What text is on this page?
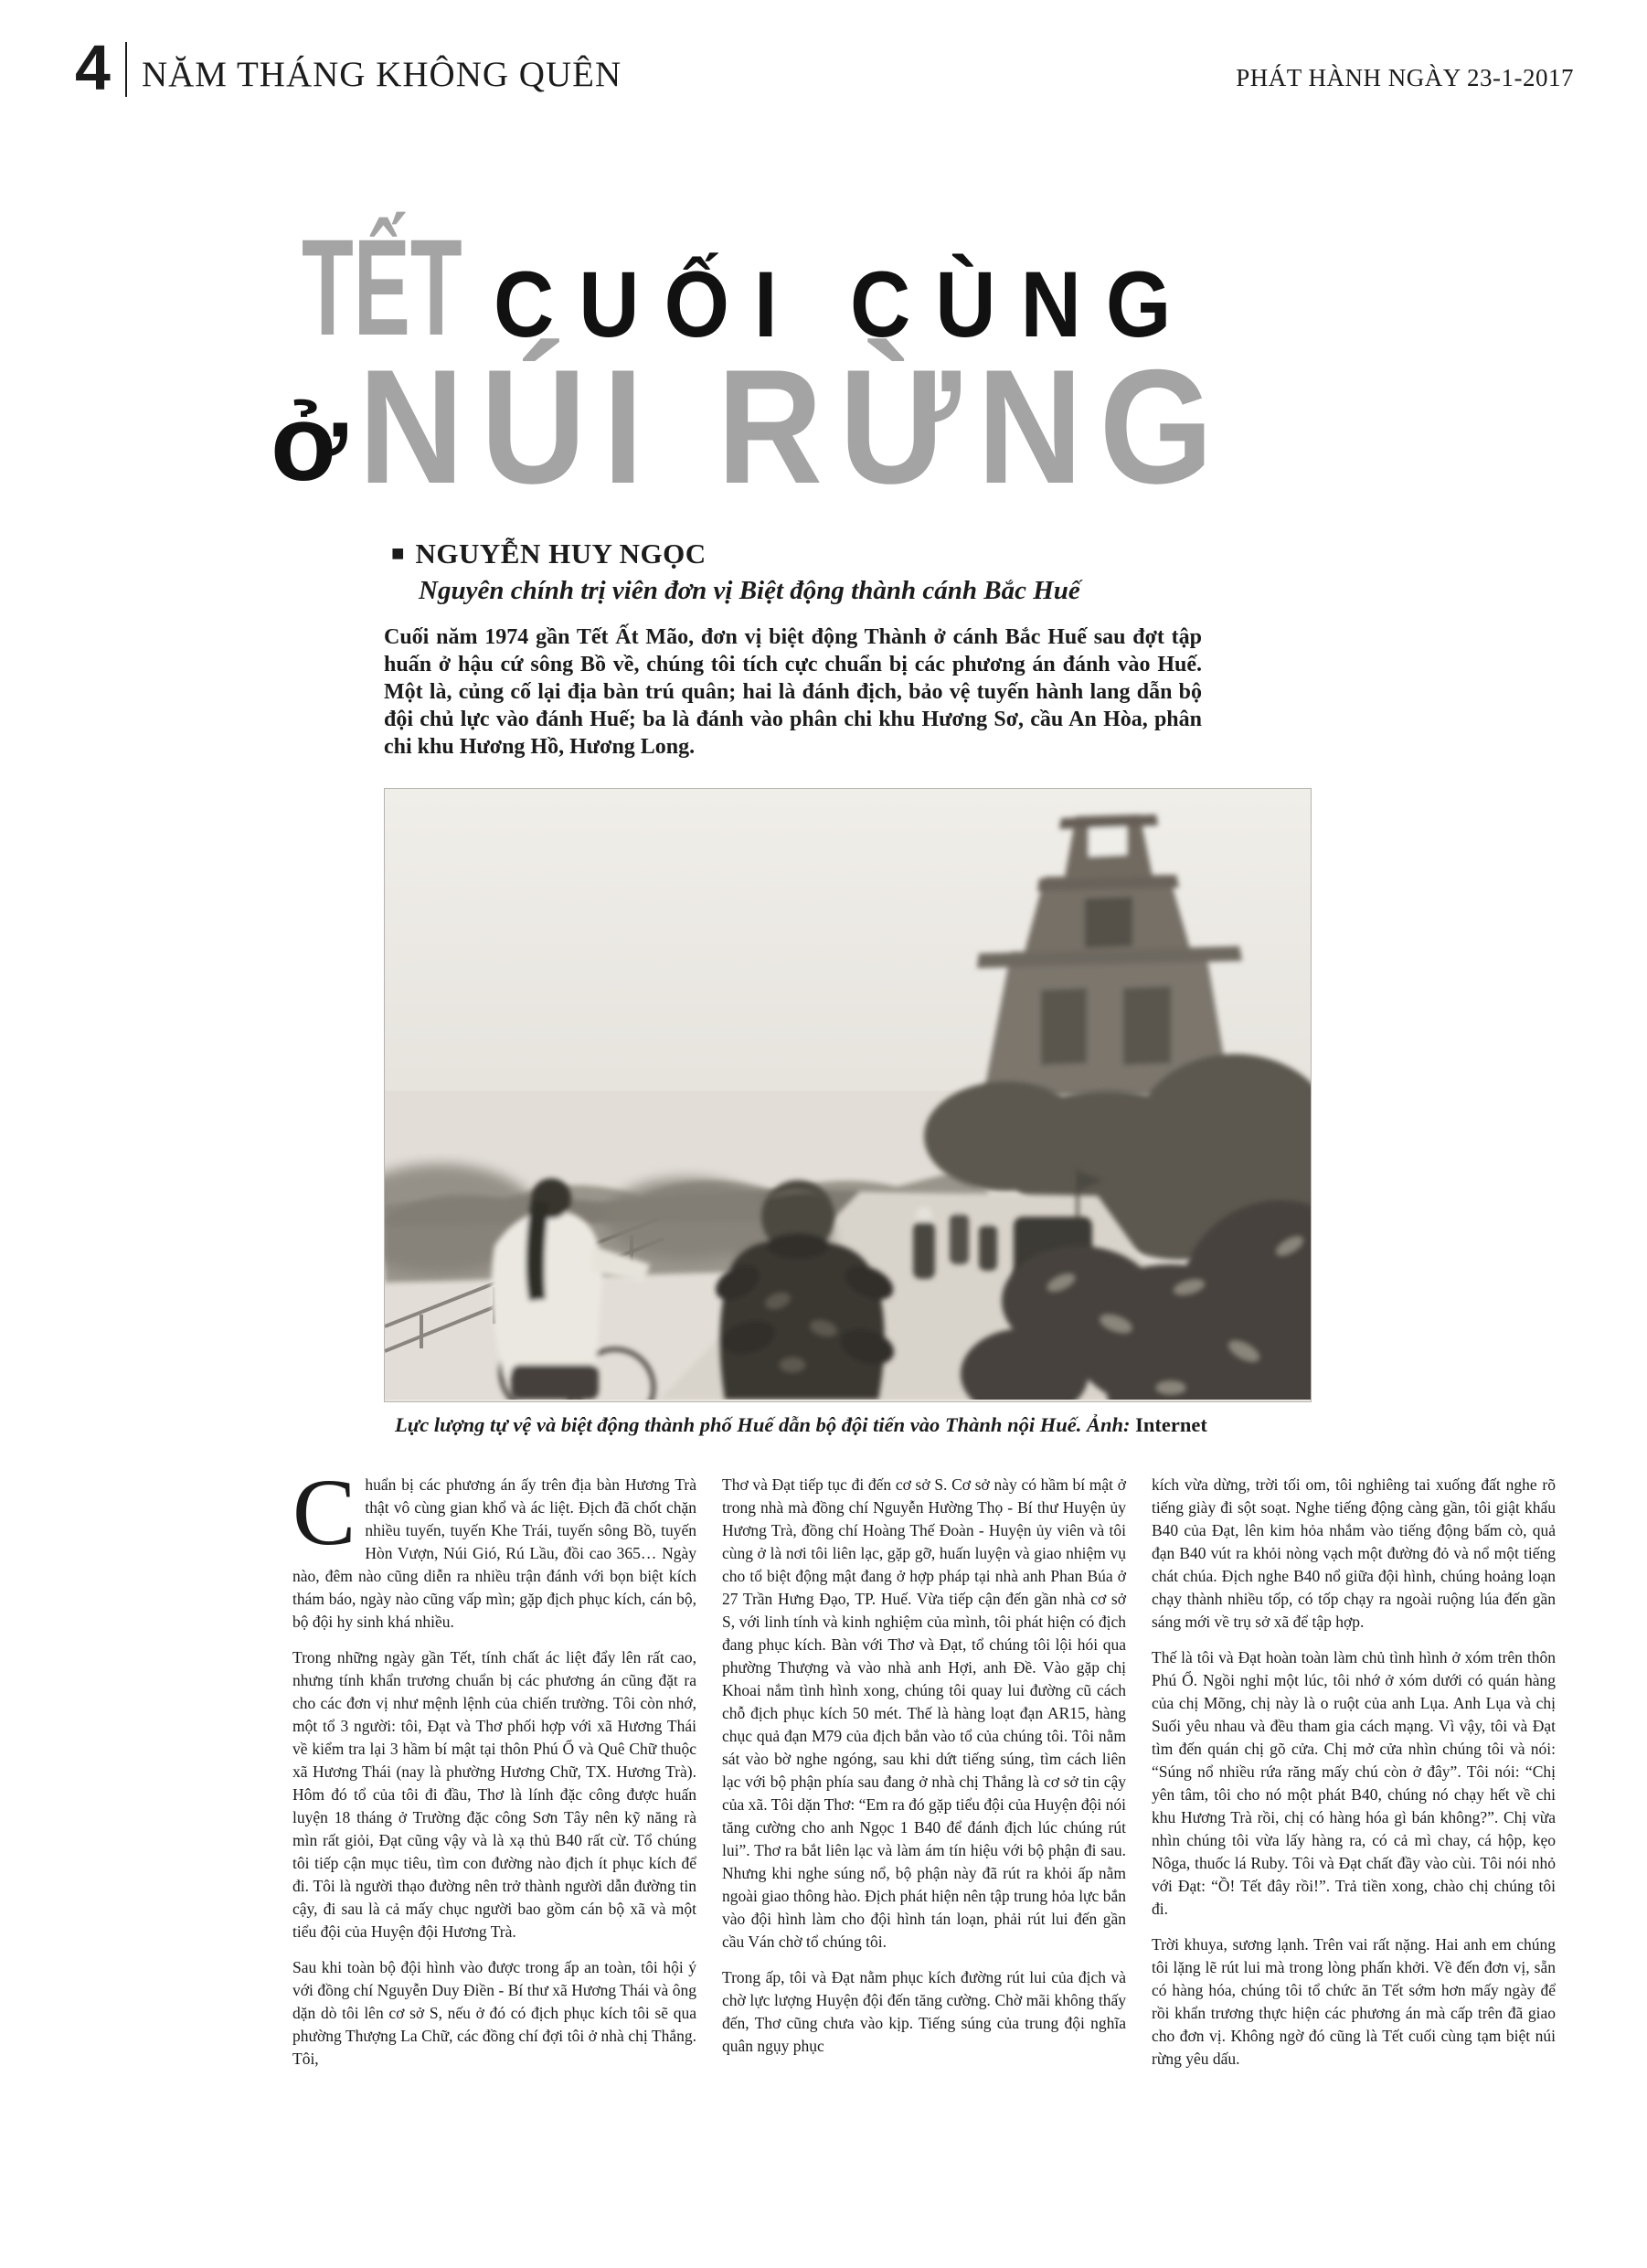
4 NĂM THÁNG KHÔNG QUÊN	PHÁT HÀNH NGÀY 23-1-2017
TẾT CUỐI CÙNG
ở NÚI RỪNG
■ NGUYỄN HUY NGỌC
Nguyên chính trị viên đơn vị Biệt động thành cánh Bắc Huế
Cuối năm 1974 gần Tết Ất Mão, đơn vị biệt động Thành ở cánh Bắc Huế sau đợt tập huấn ở hậu cứ sông Bồ về, chúng tôi tích cực chuẩn bị các phương án đánh vào Huế. Một là, củng cố lại địa bàn trú quân; hai là đánh địch, bảo vệ tuyến hành lang dẫn bộ đội chủ lực vào đánh Huế; ba là đánh vào phân chi khu Hương Sơ, cầu An Hòa, phân chi khu Hương Hồ, Hương Long.
Lực lượng tự vệ và biệt động thành phố Huế dẫn bộ đội tiến vào Thành nội Huế. Ảnh: Internet

Chuẩn bị các phương án ấy trên địa bàn Hương Trà thật vô cùng gian khổ và ác liệt. Địch đã chốt chặn nhiều tuyến, tuyến Khe Trái, tuyến sông Bồ, tuyến Hòn Vượn, Núi Gió, Rú Lầu, đồi cao 365… Ngày nào, đêm nào cũng diễn ra nhiều trận đánh với bọn biệt kích thám báo, ngày nào cũng vấp mìn; gặp địch phục kích, cán bộ, bộ đội hy sinh khá nhiều.

Trong những ngày gần Tết, tính chất ác liệt đẩy lên rất cao, nhưng tính khẩn trương chuẩn bị các phương án cũng đặt ra cho các đơn vị như mệnh lệnh của chiến trường. Tôi còn nhớ, một tổ 3 người: tôi, Đạt và Thơ phối hợp với xã Hương Thái về kiểm tra lại 3 hầm bí mật tại thôn Phú Ổ và Quê Chữ thuộc xã Hương Thái (nay là phường Hương Chữ, TX. Hương Trà). Hôm đó tổ của tôi đi đầu, Thơ là lính đặc công được huấn luyện 18 tháng ở Trường đặc công Sơn Tây nên kỹ năng rà mìn rất giỏi, Đạt cũng vậy và là xạ thủ B40 rất cừ. Tổ chúng tôi tiếp cận mục tiêu, tìm con đường nào địch ít phục kích để đi. Tôi là người thạo đường nên trở thành người dẫn đường tin cậy, đi sau là cả mấy chục người bao gồm cán bộ xã và một tiểu đội của Huyện đội Hương Trà.

Sau khi toàn bộ đội hình vào được trong ấp an toàn, tôi hội ý với đồng chí Nguyễn Duy Điền - Bí thư xã Hương Thái và ông dặn dò tôi lên cơ sở S, nếu ở đó có địch phục kích tôi sẽ qua phường Thượng La Chữ, các đồng chí đợi tôi ở nhà chị Thắng. Tôi,

Thơ và Đạt tiếp tục đi đến cơ sở S. Cơ sở này có hầm bí mật ở trong nhà mà đồng chí Nguyễn Hường Thọ - Bí thư Huyện ủy Hương Trà, đồng chí Hoàng Thế Đoàn - Huyện ủy viên và tôi cùng ở là nơi tôi liên lạc, gặp gỡ, huấn luyện và giao nhiệm vụ cho tổ biệt động mật đang ở hợp pháp tại nhà anh Phan Búa ở 27 Trần Hưng Đạo, TP. Huế. Vừa tiếp cận đến gần nhà cơ sở S, với linh tính và kinh nghiệm của mình, tôi phát hiện có địch đang phục kích. Bàn với Thơ và Đạt, tổ chúng tôi lội hói qua phường Thượng và vào nhà anh Hợi, anh Đề. Vào gặp chị Khoai nắm tình hình xong, chúng tôi quay lui đường cũ cách chỗ địch phục kích 50 mét. Thế là hàng loạt đạn AR15, hàng chục quả đạn M79 của địch bắn vào tổ của chúng tôi. Tôi nằm sát vào bờ nghe ngóng, sau khi dứt tiếng súng, tìm cách liên lạc với bộ phận phía sau đang ở nhà chị Thắng là cơ sở tin cậy của xã. Tôi dặn Thơ: “Em ra đó gặp tiểu đội của Huyện đội nói tăng cường cho anh Ngọc 1 B40 để đánh địch lúc chúng rút lui”. Thơ ra bắt liên lạc và làm ám tín hiệu với bộ phận đi sau. Nhưng khi nghe súng nổ, bộ phận này đã rút ra khỏi ấp nằm ngoài giao thông hào. Địch phát hiện nên tập trung hỏa lực bắn vào đội hình làm cho đội hình tán loạn, phải rút lui đến gần cầu Ván chờ tổ chúng tôi.

Trong ấp, tôi và Đạt nằm phục kích đường rút lui của địch và chờ lực lượng Huyện đội đến tăng cường. Chờ mãi không thấy đến, Thơ cũng chưa vào kịp. Tiếng súng của trung đội nghĩa quân ngụy phục

kích vừa dừng, trời tối om, tôi nghiêng tai xuống đất nghe rõ tiếng giày đi sột soạt. Nghe tiếng động càng gần, tôi giật khẩu B40 của Đạt, lên kim hỏa nhắm vào tiếng động bấm cò, quả đạn B40 vút ra khỏi nòng vạch một đường đỏ và nổ một tiếng chát chúa. Địch nghe B40 nổ giữa đội hình, chúng hoảng loạn chạy thành nhiều tốp, có tốp chạy ra ngoài ruộng lúa đến gần sáng mới về trụ sở xã để tập hợp.

Thế là tôi và Đạt hoàn toàn làm chủ tình hình ở xóm trên thôn Phú Ổ. Ngồi nghỉ một lúc, tôi nhớ ở xóm dưới có quán hàng của chị Mõng, chị này là o ruột của anh Lụa. Anh Lụa và chị Suối yêu nhau và đều tham gia cách mạng. Vì vậy, tôi và Đạt tìm đến quán chị gõ cửa. Chị mở cửa nhìn chúng tôi và nói: “Súng nổ nhiều rứa răng mấy chú còn ở đây”. Tôi nói: “Chị yên tâm, tôi cho nó một phát B40, chúng nó chạy hết về chi khu Hương Trà rồi, chị có hàng hóa gì bán không?”. Chị vừa nhìn chúng tôi vừa lấy hàng ra, có cả mì chay, cá hộp, kẹo Nôga, thuốc lá Ruby. Tôi và Đạt chất đầy vào cùi. Tôi nói nhỏ với Đạt: “Ồ! Tết đây rồi!”. Trả tiền xong, chào chị chúng tôi đi.

Trời khuya, sương lạnh. Trên vai rất nặng. Hai anh em chúng tôi lặng lẽ rút lui mà trong lòng phấn khởi. Về đến đơn vị, sẵn có hàng hóa, chúng tôi tổ chức ăn Tết sớm hơn mấy ngày để rồi khẩn trương thực hiện các phương án mà cấp trên đã giao cho đơn vị. Không ngờ đó cũng là Tết cuối cùng tạm biệt núi rừng yêu dấu.
